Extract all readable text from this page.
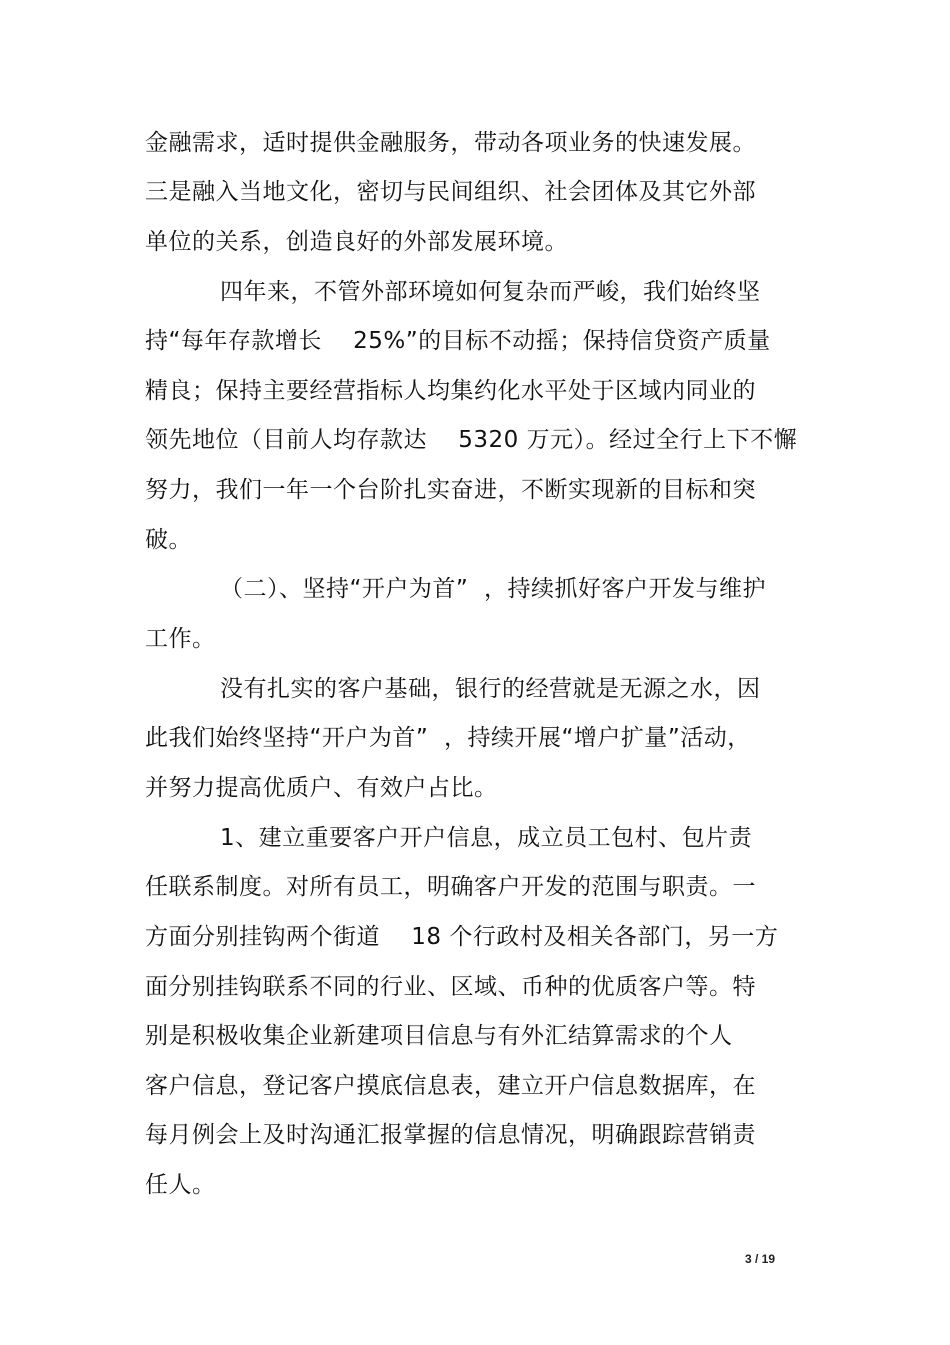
金融需求，适时提供金融服务，带动各项业务的快速发展。
三是融入当地文化，密切与民间组织、社会团体及其它外部
单位的关系，创造良好的外部发展环境。
四年来，不管外部环境如何复杂而严峻，我们始终坚
持“每年存款增长    25%”的目标不动摇；保持信贷资产质量
精良；保持主要经营指标人均集约化水平处于区域内同业的
领先地位（目前人均存款达    5320 万元）。经过全行上下不懈
努力，我们一年一个台阶扎实奋进，不断实现新的目标和突
破。
（二）、坚持“开户为首”  ，持续抓好客户开发与维护
工作。
没有扎实的客户基础，银行的经营就是无源之水，因
此我们始终坚持“开户为首”  ，持续开展“增户扩量”活动，
并努力提高优质户、有效户占比。
1、建立重要客户开户信息，成立员工包村、包片责
任联系制度。对所有员工，明确客户开发的范围与职责。一
方面分别挂钩两个街道    18 个行政村及相关各部门，另一方
面分别挂钩联系不同的行业、区域、币种的优质客户等。特
别是积极收集企业新建项目信息与有外汇结算需求的个人
客户信息，登记客户摸底信息表，建立开户信息数据库，在
每月例会上及时沟通汇报掌握的信息情况，明确跟踪营销责
任人。
3 / 19
